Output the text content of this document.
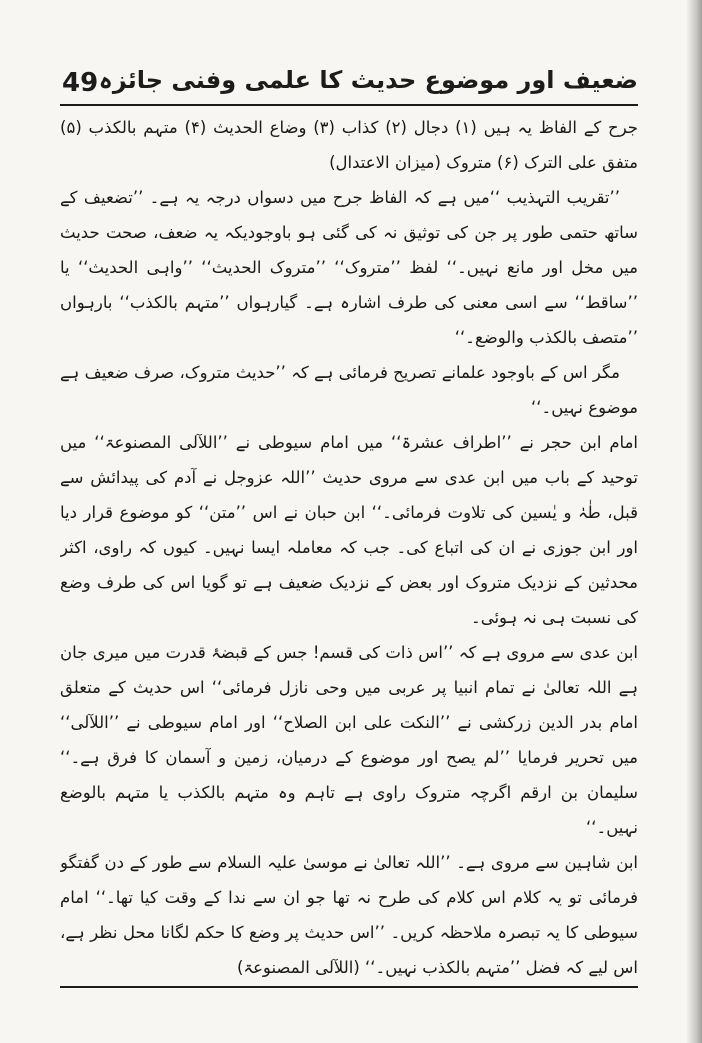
49 ضعیف اور موضوع حدیث کا علمی وفنی جائزہ

جرح کے الفاظ یہ ہیں (۱) دجال (۲) کذاب (۳) وضاع الحدیث (۴) متہم بالکذب (۵) متفق علی الترک (۶) متروک (میزان الاعتدال)

’’تقریب التہذیب ‘‘میں ہے کہ الفاظ جرح میں دسواں درجہ یہ ہے۔ ’’تضعیف کے ساتھ حتمی طور پر جن کی توثیق نہ کی گئی ہو باوجودیکہ یہ ضعف، صحت حدیث میں مخل اور مانع نہیں۔‘‘ لفظ ’’متروک‘‘ ’’متروک الحدیث‘‘ ’’واہی الحدیث‘‘ یا ’’ساقط‘‘ سے اسی معنی کی طرف اشارہ ہے۔ گیارہواں ’’متہم بالکذب‘‘ بارہواں ’’متصف بالکذب والوضع۔‘‘

مگر اس کے باوجود علمانے تصریح فرمائی ہے کہ ’’حدیث متروک، صرف ضعیف ہے موضوع نہیں۔‘‘

امام ابن حجر نے ’’اطراف عشرۃ‘‘ میں امام سیوطی نے ’’اللآلی المصنوعۃ‘‘ میں توحید کے باب میں ابن عدی سے مروی حدیث ’’اللہ عزوجل نے آدم کی پیدائش سے قبل، طٰہٰ و یٰسین کی تلاوت فرمائی۔‘‘ ابن حبان نے اس ’’متن‘‘ کو موضوع قرار دیا اور ابن جوزی نے ان کی اتباع کی۔ جب کہ معاملہ ایسا نہیں۔ کیوں کہ راوی، اکثر محدثین کے نزدیک متروک اور بعض کے نزدیک ضعیف ہے تو گویا اس کی طرف وضع کی نسبت ہی نہ ہوئی۔

ابن عدی سے مروی ہے کہ ’’اس ذات کی قسم! جس کے قبضۂ قدرت میں میری جان ہے اللہ تعالیٰ نے تمام انبیا پر عربی میں وحی نازل فرمائی‘‘ اس حدیث کے متعلق امام بدر الدین زرکشی نے ’’النکت علی ابن الصلاح‘‘ اور امام سیوطی نے ’’اللآلی‘‘ میں تحریر فرمایا ’’لم یصح اور موضوع کے درمیان، زمین و آسمان کا فرق ہے۔‘‘ سلیمان بن ارقم اگرچہ متروک راوی ہے تاہم وہ متہم بالکذب یا متہم بالوضع نہیں۔‘‘

ابن شاہین سے مروی ہے۔ ’’اللہ تعالیٰ نے موسیٰ علیہ السلام سے طور کے دن گفتگو فرمائی تو یہ کلام اس کلام کی طرح نہ تھا جو ان سے ندا کے وقت کیا تھا۔‘‘ امام سیوطی کا یہ تبصرہ ملاحظہ کریں۔ ’’اس حدیث پر وضع کا حکم لگانا محل نظر ہے، اس لیے کہ فضل ’’متہم بالکذب نہیں۔‘‘ (اللآلی المصنوعۃ)
